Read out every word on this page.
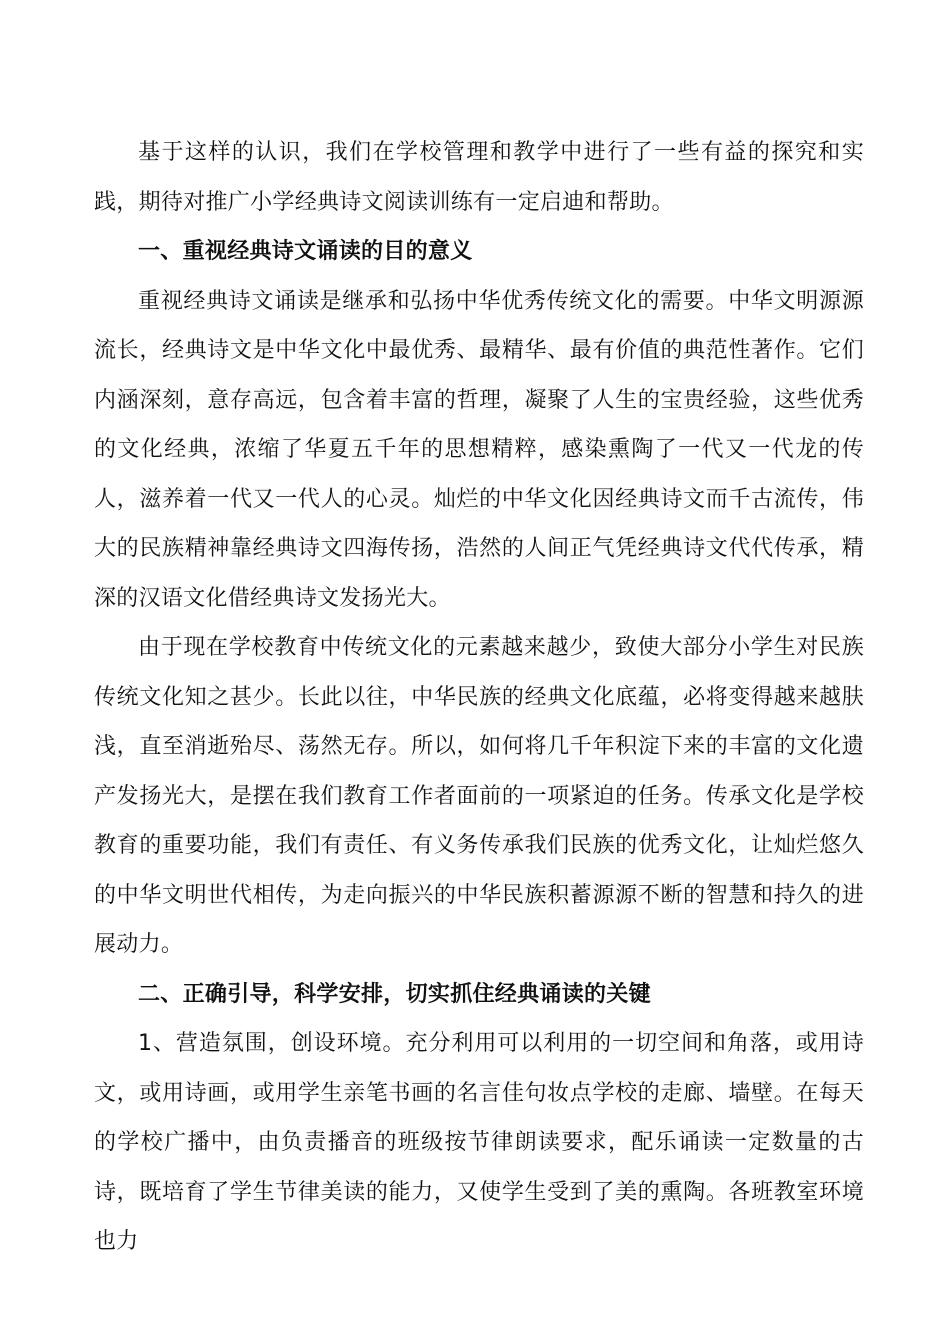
基于这样的认识，我们在学校管理和教学中进行了一些有益的探究和实践，期待对推广小学经典诗文阅读训练有一定启迪和帮助。

一、重视经典诗文诵读的目的意义

重视经典诗文诵读是继承和弘扬中华优秀传统文化的需要。中华文明源源流长，经典诗文是中华文化中最优秀、最精华、最有价值的典范性著作。它们内涵深刻，意存高远，包含着丰富的哲理，凝聚了人生的宝贵经验，这些优秀的文化经典，浓缩了华夏五千年的思想精粹，感染熏陶了一代又一代龙的传人，滋养着一代又一代人的心灵。灿烂的中华文化因经典诗文而千古流传，伟大的民族精神靠经典诗文四海传扬，浩然的人间正气凭经典诗文代代传承，精深的汉语文化借经典诗文发扬光大。

由于现在学校教育中传统文化的元素越来越少，致使大部分小学生对民族传统文化知之甚少。长此以往，中华民族的经典文化底蕴，必将变得越来越肤浅，直至消逝殆尽、荡然无存。所以，如何将几千年积淀下来的丰富的文化遗产发扬光大，是摆在我们教育工作者面前的一项紧迫的任务。传承文化是学校教育的重要功能，我们有责任、有义务传承我们民族的优秀文化，让灿烂悠久的中华文明世代相传，为走向振兴的中华民族积蓄源源不断的智慧和持久的进展动力。

二、正确引导，科学安排，切实抓住经典诵读的关键

1、营造氛围，创设环境。充分利用可以利用的一切空间和角落，或用诗文，或用诗画，或用学生亲笔书画的名言佳句妆点学校的走廊、墙壁。在每天的学校广播中，由负责播音的班级按节律朗读要求，配乐诵读一定数量的古诗，既培育了学生节律美读的能力，又使学生受到了美的熏陶。各班教室环境也力
